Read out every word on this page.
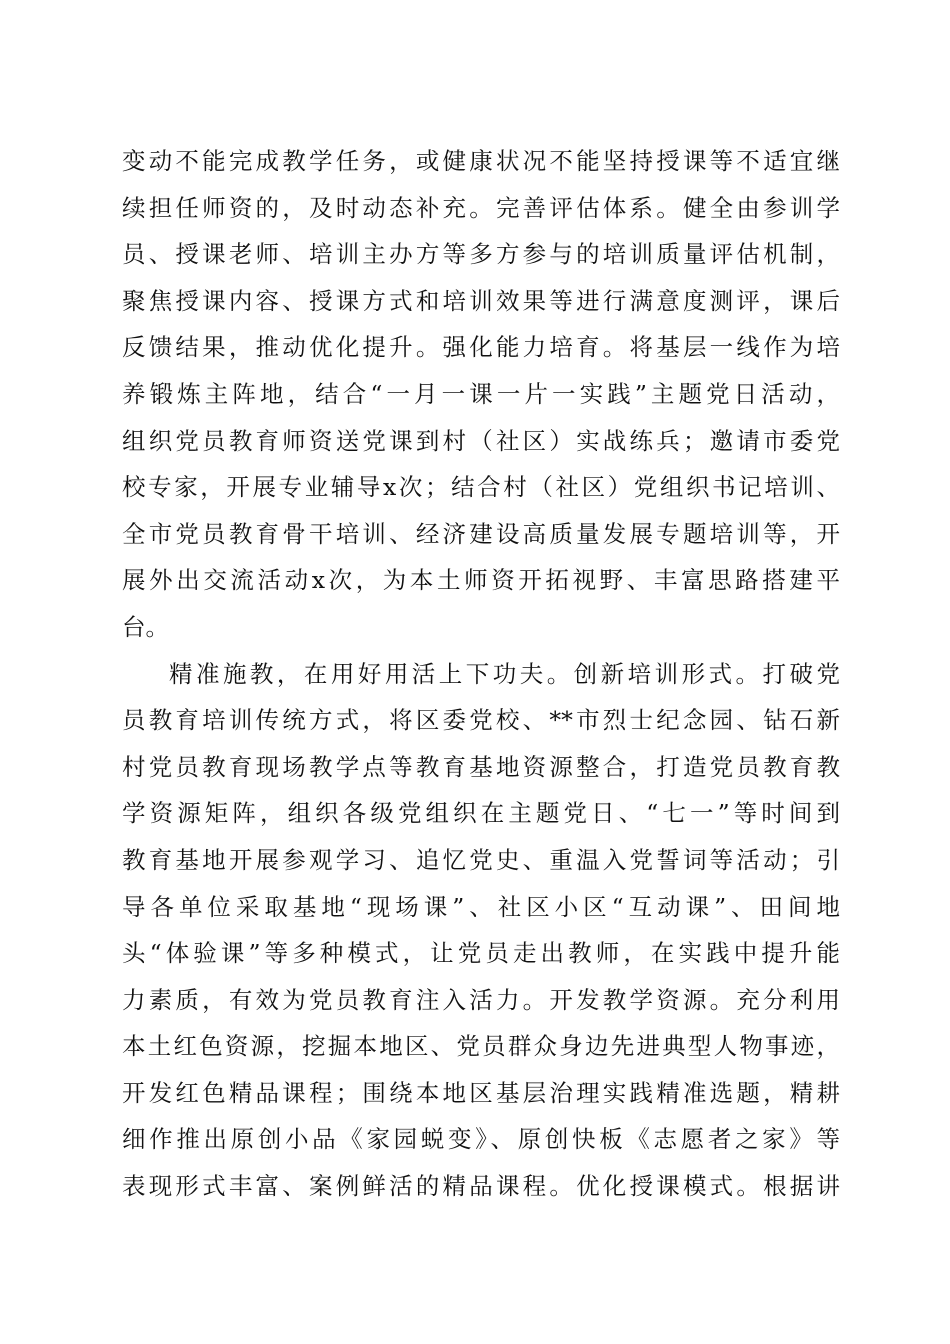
变动不能完成教学任务，或健康状况不能坚持授课等不适宜继
续担任师资的，及时动态补充。完善评估体系。健全由参训学
员、授课老师、培训主办方等多方参与的培训质量评估机制，
聚焦授课内容、授课方式和培训效果等进行满意度测评，课后
反馈结果，推动优化提升。强化能力培育。将基层一线作为培
养锻炼主阵地，结合“一月一课一片一实践”主题党日活动，
组织党员教育师资送党课到村（社区）实战练兵；邀请市委党
校专家，开展专业辅导x次；结合村（社区）党组织书记培训、
全市党员教育骨干培训、经济建设高质量发展专题培训等，开
展外出交流活动x次，为本土师资开拓视野、丰富思路搭建平
台。
精准施教，在用好用活上下功夫。创新培训形式。打破党
员教育培训传统方式，将区委党校、**市烈士纪念园、钻石新
村党员教育现场教学点等教育基地资源整合，打造党员教育教
学资源矩阵，组织各级党组织在主题党日、“七一”等时间到
教育基地开展参观学习、追忆党史、重温入党誓词等活动；引
导各单位采取基地“现场课”、社区小区“互动课”、田间地
头“体验课”等多种模式，让党员走出教师，在实践中提升能
力素质，有效为党员教育注入活力。开发教学资源。充分利用
本土红色资源，挖掘本地区、党员群众身边先进典型人物事迹，
开发红色精品课程；围绕本地区基层治理实践精准选题，精耕
细作推出原创小品《家园蜕变》、原创快板《志愿者之家》等
表现形式丰富、案例鲜活的精品课程。优化授课模式。根据讲
